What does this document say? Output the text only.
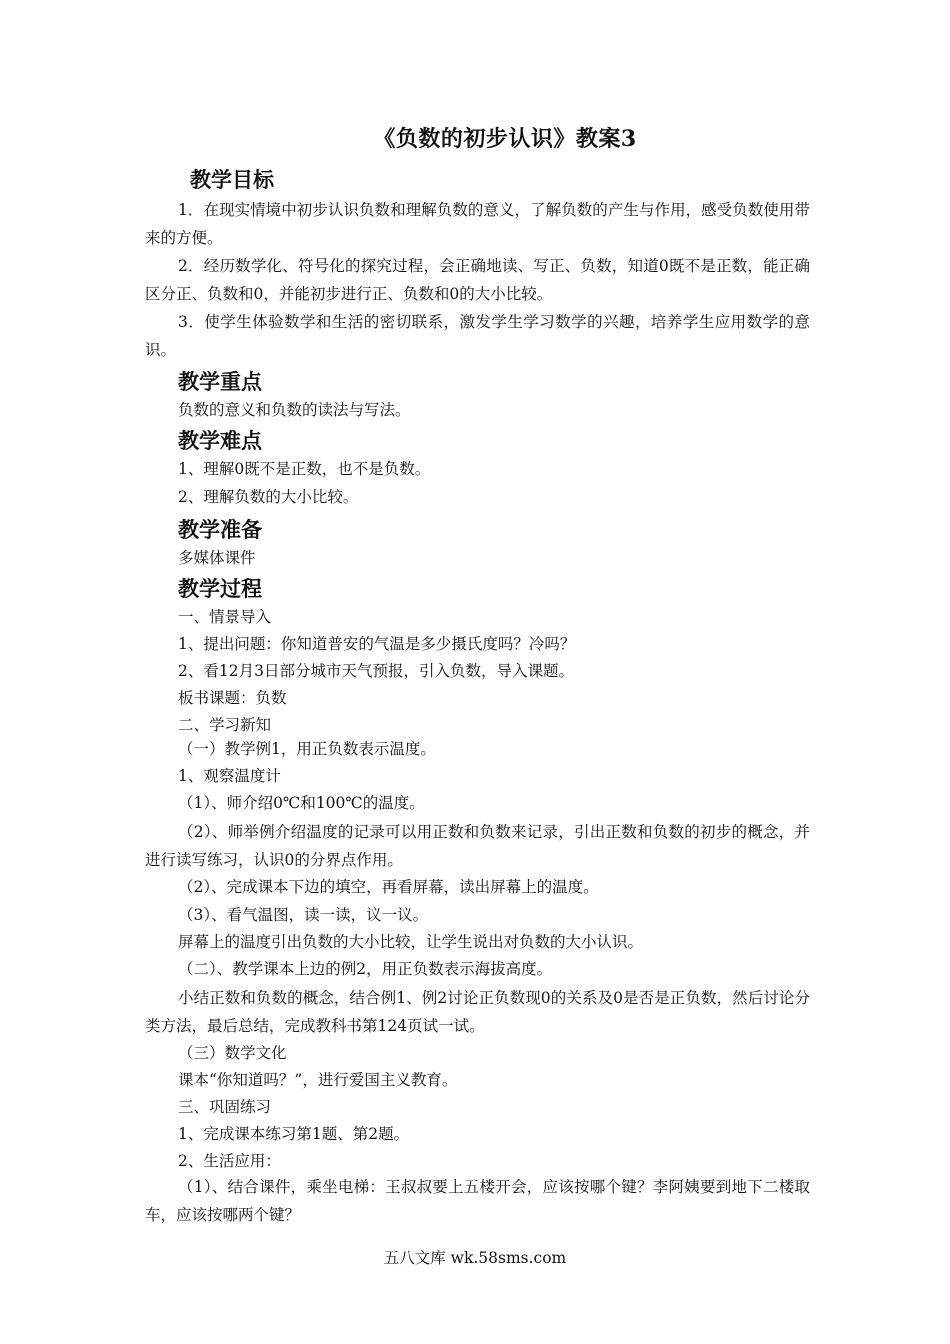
《负数的初步认识》教案3
教学目标
1．在现实情境中初步认识负数和理解负数的意义，了解负数的产生与作用，感受负数使用带来的方便。
2．经历数学化、符号化的探究过程，会正确地读、写正、负数，知道0既不是正数，能正确区分正、负数和0，并能初步进行正、负数和0的大小比较。
3．使学生体验数学和生活的密切联系，激发学生学习数学的兴趣，培养学生应用数学的意识。
教学重点
负数的意义和负数的读法与写法。
教学难点
1、理解0既不是正数，也不是负数。
2、理解负数的大小比较。
教学准备
多媒体课件
教学过程
一、情景导入
1、提出问题：你知道普安的气温是多少摄氏度吗？冷吗？
2、看12月3日部分城市天气预报，引入负数，导入课题。
板书课题：负数
二、学习新知
（一）教学例1，用正负数表示温度。
1、观察温度计
（1）、师介绍0℃和100℃的温度。
（2）、师举例介绍温度的记录可以用正数和负数来记录，引出正数和负数的初步的概念，并进行读写练习，认识0的分界点作用。
（2）、完成课本下边的填空，再看屏幕，读出屏幕上的温度。
（3）、看气温图，读一读，议一议。
屏幕上的温度引出负数的大小比较，让学生说出对负数的大小认识。
（二）、教学课本上边的例2，用正负数表示海拔高度。
小结正数和负数的概念，结合例1、例2讨论正负数现0的关系及0是否是正负数，然后讨论分类方法，最后总结，完成教科书第124页试一试。
（三）数学文化
课本“你知道吗？”，进行爱国主义教育。
三、巩固练习
1、完成课本练习第1题、第2题。
2、生活应用：
（1）、结合课件，乘坐电梯：王叔叔要上五楼开会，应该按哪个键？李阿姨要到地下二楼取车，应该按哪两个键？
五八文库 wk.58sms.com
